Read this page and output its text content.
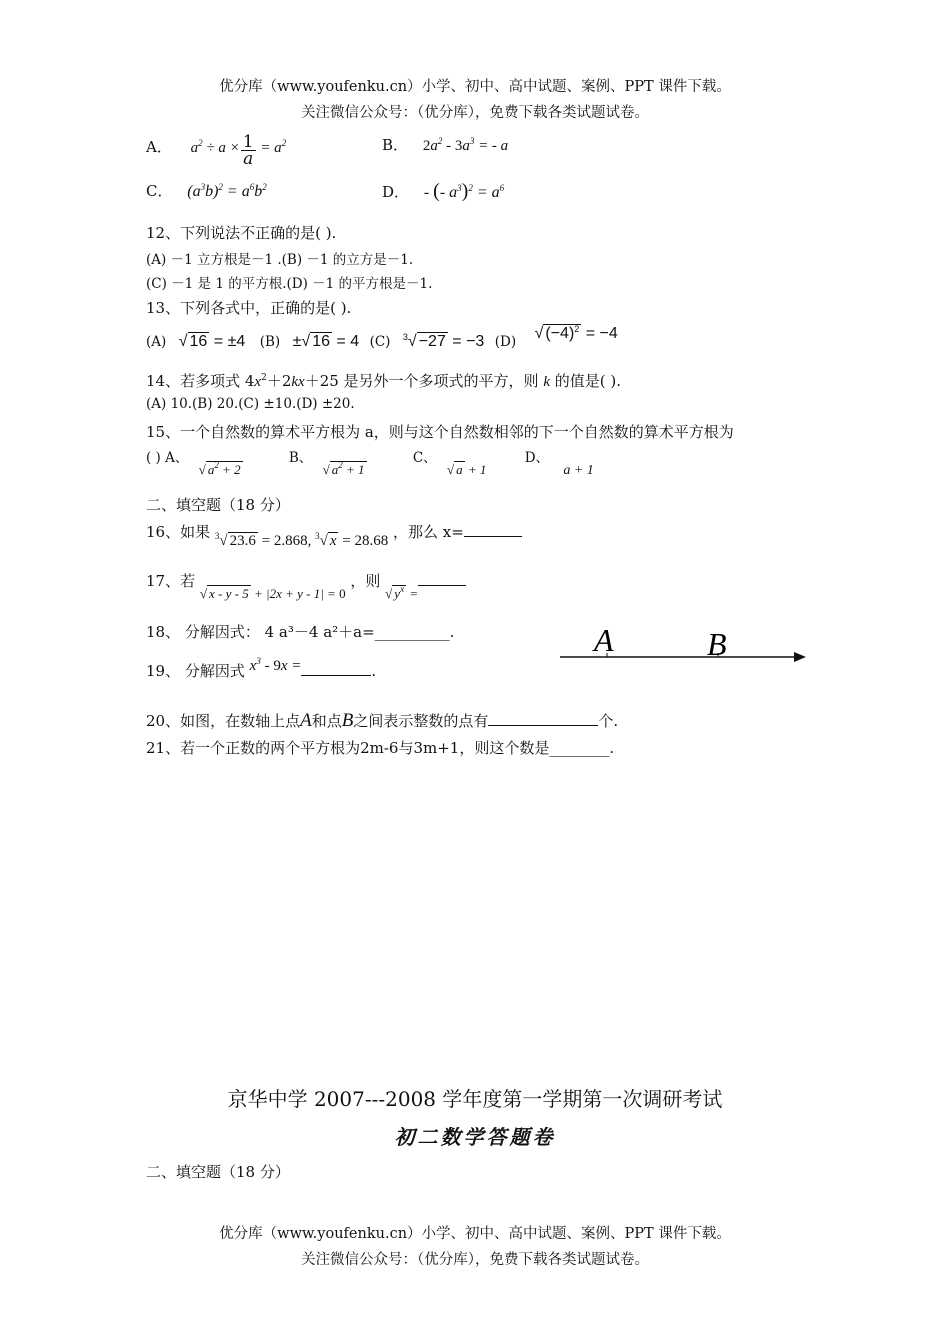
优分库（www.youfenku.cn）小学、初中、高中试题、案例、PPT 课件下载。
关注微信公众号：（优分库），免费下载各类试题试卷。
A． $a^2 \div a \times \frac{1}{a} = a^2$	B． $2a^2 - 3a^3$ = - a
C． $(a^3b)^2 = a^6b^2$	D． - (- $a^3)^2 = a^6$
12、下列说法不正确的是( ).
(A) －1 立方根是－1 .(B) －1 的立方是－1.
(C) －1 是 1 的平方根.(D) －1 的平方根是－1.
13、下列各式中，正确的是( ).
(A) √ 16 = ±4 (B) ±√ 16 = 4 (C) $^3$√ −27 = −3 (D) √ $(-4)^2 = -4$
14、若多项式 $4x^2+2kx+25$ 是另外一个多项式的平方，则 k 的值是( ).
(A) 10.(B) 20.(C) ±10.(D) ±20.
15、一个自然数的算术平方根为 a，则与这个自然数相邻的下一个自然数的算术平方根为
( ) A、 √ $a^2 + 2$ B、 √ $a^2 + 1$ C、 √ a + 1 D、 a + 1
二、填空题（18 分）
16、如果 $^3$√ 23.6 = 2.868, $^3$√ x = 28.68 ，那么 x=
17、若 √ x - y - 5 + |2x + y - 1| = 0 ，则 √ $y^x$ =
18、 分解因式： 4 a³－4 a²＋a=__________.
19、 分解因式 $x^3 - 9x$ =	.
A	B
20、如图，在数轴上点A和点B之间表示整数的点有	个.
21、若一个正数的两个平方根为2m-6与3m+1，则这个数是________.
京华中学 2007---2008 学年度第一学期第一次调研考试
初二数学答题卷
二、填空题（18 分）
优分库（www.youfenku.cn）小学、初中、高中试题、案例、PPT 课件下载。
关注微信公众号：（优分库），免费下载各类试题试卷。
